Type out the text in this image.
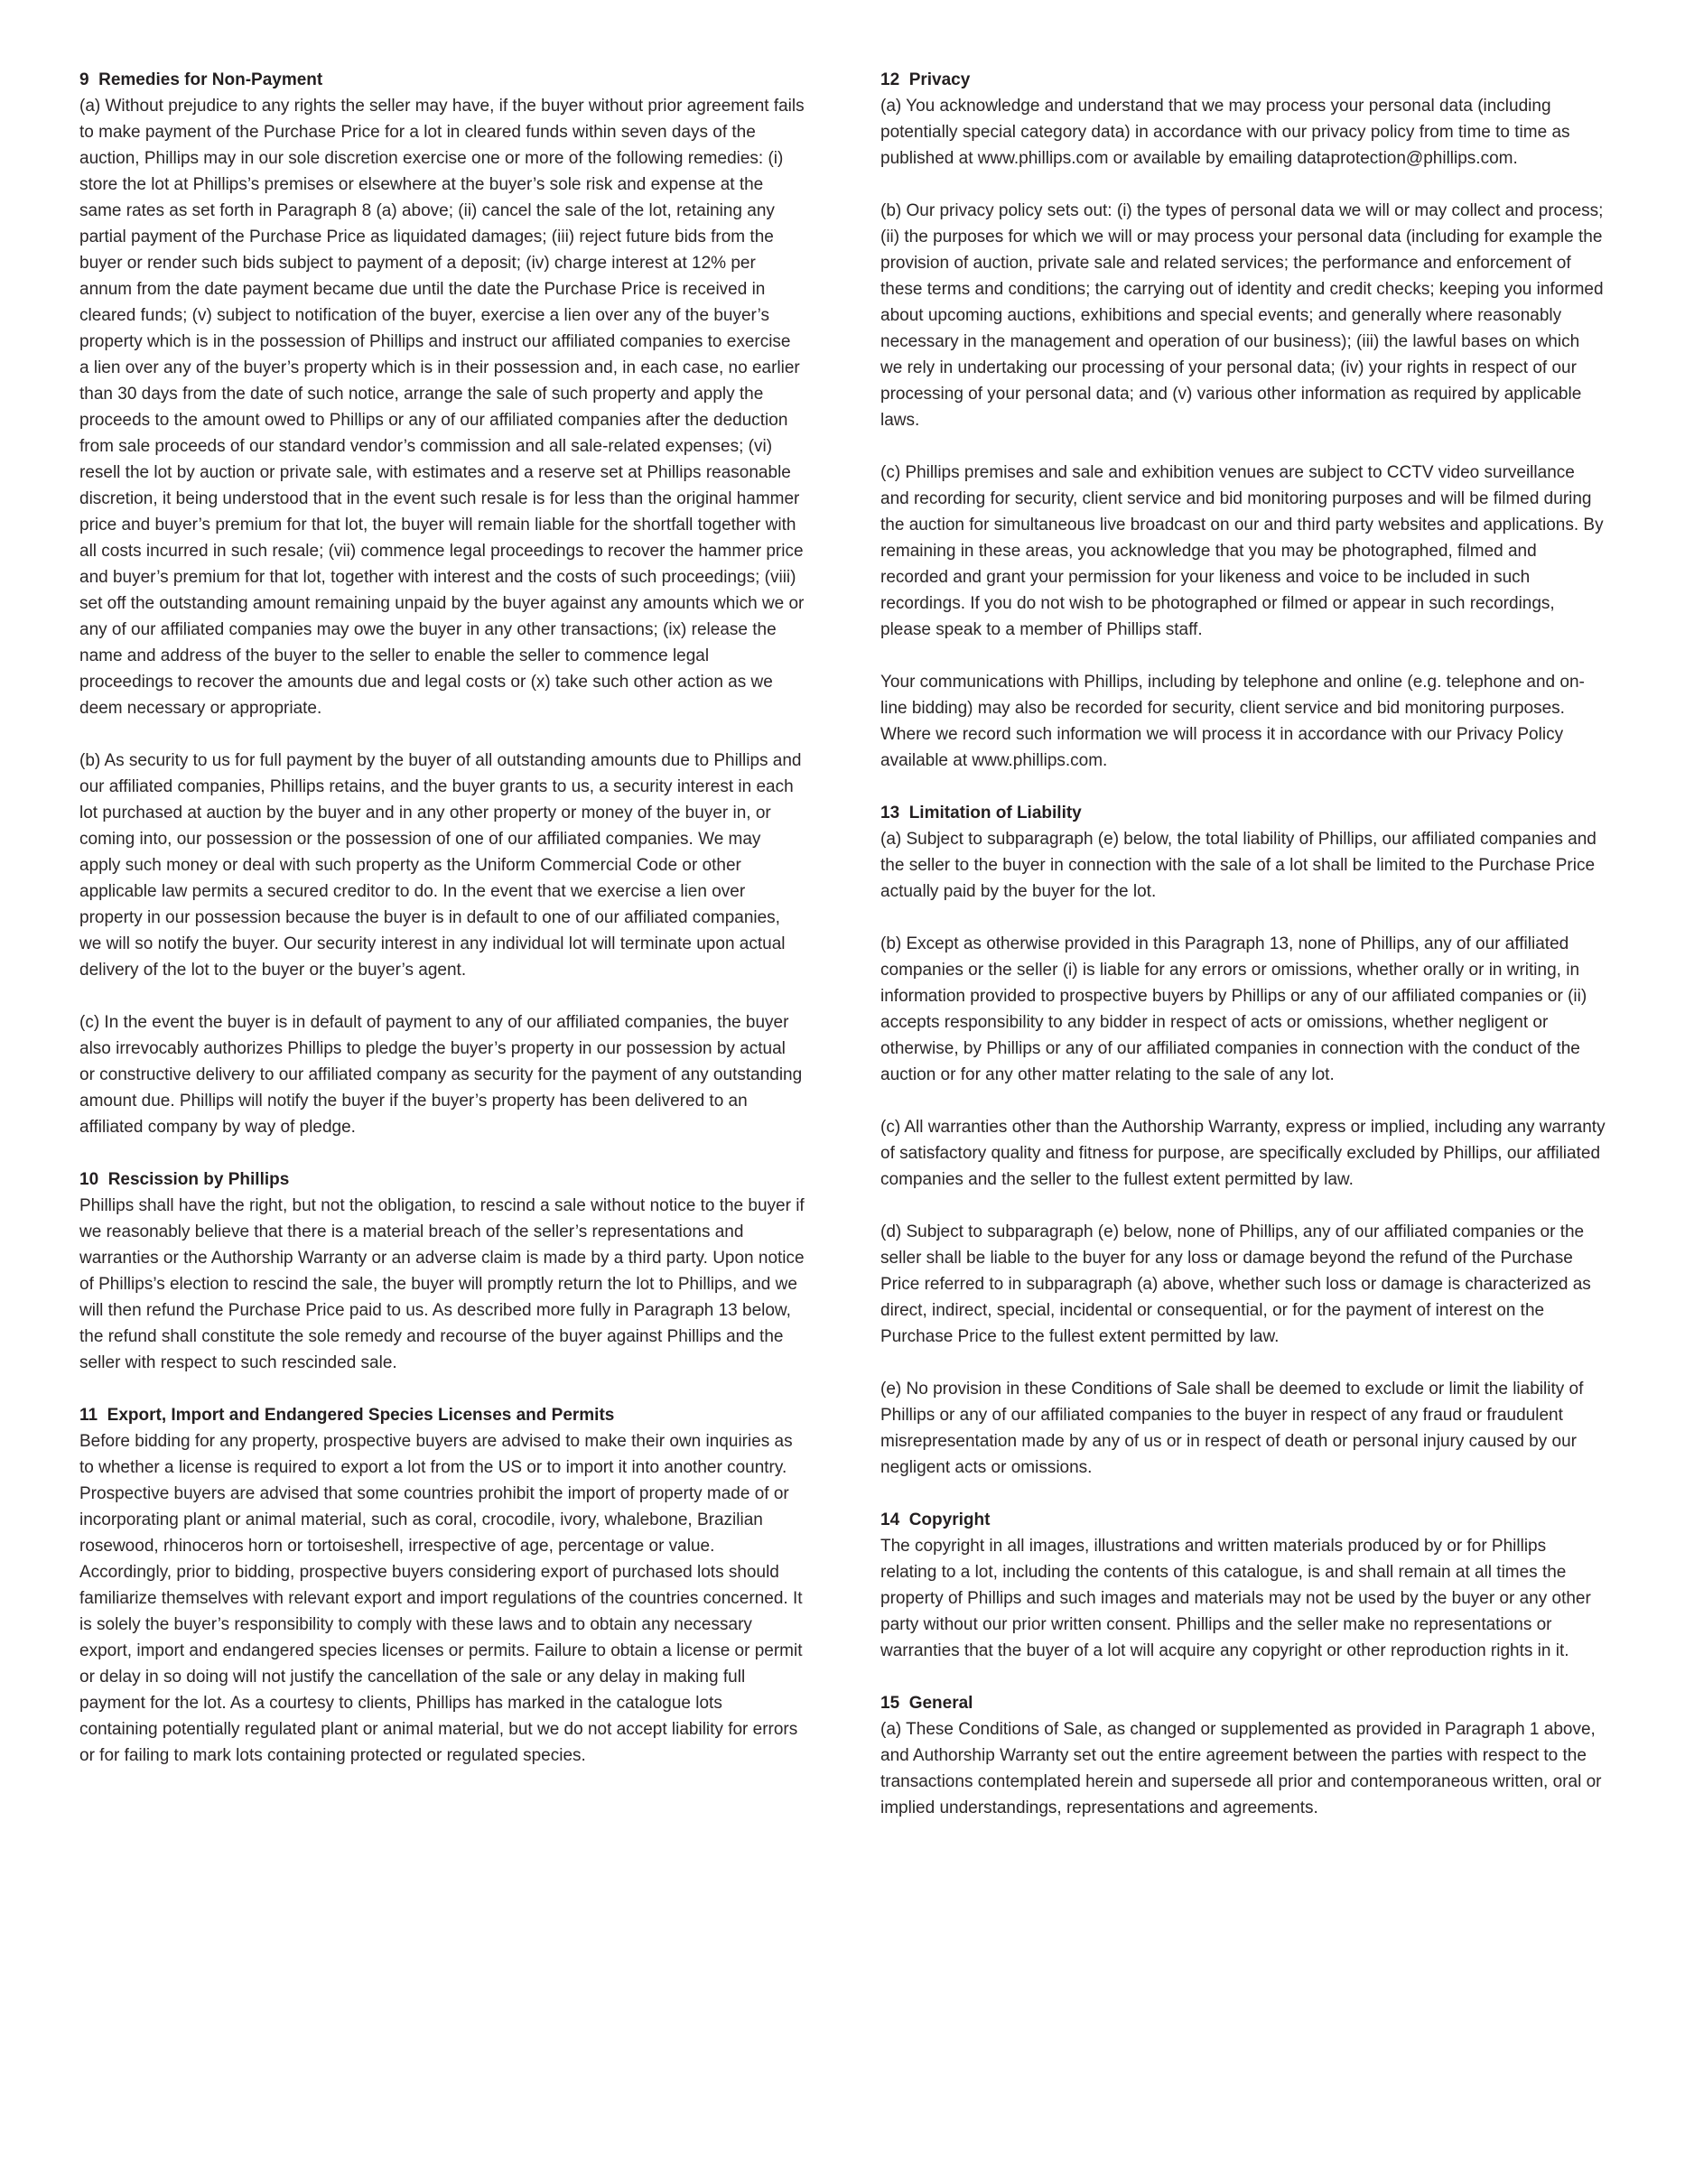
9  Remedies for Non-Payment

(a) Without prejudice to any rights the seller may have, if the buyer without prior agreement fails to make payment of the Purchase Price for a lot in cleared funds within seven days of the auction, Phillips may in our sole discretion exercise one or more of the following remedies: (i) store the lot at Phillips’s premises or elsewhere at the buyer’s sole risk and expense at the same rates as set forth in Paragraph 8 (a) above; (ii) cancel the sale of the lot, retaining any partial payment of the Purchase Price as liquidated damages; (iii) reject future bids from the buyer or render such bids subject to payment of a deposit; (iv) charge interest at 12% per annum from the date payment became due until the date the Purchase Price is received in cleared funds; (v) subject to notification of the buyer, exercise a lien over any of the buyer’s property which is in the possession of Phillips and instruct our affiliated companies to exercise a lien over any of the buyer’s property which is in their possession and, in each case, no earlier than 30 days from the date of such notice, arrange the sale of such property and apply the proceeds to the amount owed to Phillips or any of our affiliated companies after the deduction from sale proceeds of our standard vendor’s commission and all sale-related expenses; (vi) resell the lot by auction or private sale, with estimates and a reserve set at Phillips reasonable discretion, it being understood that in the event such resale is for less than the original hammer price and buyer’s premium for that lot, the buyer will remain liable for the shortfall together with all costs incurred in such resale; (vii) commence legal proceedings to recover the hammer price and buyer’s premium for that lot, together with interest and the costs of such proceedings; (viii) set off the outstanding amount remaining unpaid by the buyer against any amounts which we or any of our affiliated companies may owe the buyer in any other transactions; (ix) release the name and address of the buyer to the seller to enable the seller to commence legal proceedings to recover the amounts due and legal costs or (x) take such other action as we deem necessary or appropriate.

(b) As security to us for full payment by the buyer of all outstanding amounts due to Phillips and our affiliated companies, Phillips retains, and the buyer grants to us, a security interest in each lot purchased at auction by the buyer and in any other property or money of the buyer in, or coming into, our possession or the possession of one of our affiliated companies. We may apply such money or deal with such property as the Uniform Commercial Code or other applicable law permits a secured creditor to do. In the event that we exercise a lien over property in our possession because the buyer is in default to one of our affiliated companies, we will so notify the buyer. Our security interest in any individual lot will terminate upon actual delivery of the lot to the buyer or the buyer’s agent.

(c) In the event the buyer is in default of payment to any of our affiliated companies, the buyer also irrevocably authorizes Phillips to pledge the buyer’s property in our possession by actual or constructive delivery to our affiliated company as security for the payment of any outstanding amount due. Phillips will notify the buyer if the buyer’s property has been delivered to an affiliated company by way of pledge.

10  Rescission by Phillips

Phillips shall have the right, but not the obligation, to rescind a sale without notice to the buyer if we reasonably believe that there is a material breach of the seller’s representations and warranties or the Authorship Warranty or an adverse claim is made by a third party. Upon notice of Phillips’s election to rescind the sale, the buyer will promptly return the lot to Phillips, and we will then refund the Purchase Price paid to us. As described more fully in Paragraph 13 below, the refund shall constitute the sole remedy and recourse of the buyer against Phillips and the seller with respect to such rescinded sale.

11  Export, Import and Endangered Species Licenses and Permits

Before bidding for any property, prospective buyers are advised to make their own inquiries as to whether a license is required to export a lot from the US or to import it into another country. Prospective buyers are advised that some countries prohibit the import of property made of or incorporating plant or animal material, such as coral, crocodile, ivory, whalebone, Brazilian rosewood, rhinoceros horn or tortoiseshell, irrespective of age, percentage or value. Accordingly, prior to bidding, prospective buyers considering export of purchased lots should familiarize themselves with relevant export and import regulations of the countries concerned. It is solely the buyer’s responsibility to comply with these laws and to obtain any necessary export, import and endangered species licenses or permits. Failure to obtain a license or permit or delay in so doing will not justify the cancellation of the sale or any delay in making full payment for the lot. As a courtesy to clients, Phillips has marked in the catalogue lots containing potentially regulated plant or animal material, but we do not accept liability for errors or for failing to mark lots containing protected or regulated species.

12  Privacy

(a) You acknowledge and understand that we may process your personal data (including potentially special category data) in accordance with our privacy policy from time to time as published at www.phillips.com or available by emailing dataprotection@phillips.com.

(b) Our privacy policy sets out: (i) the types of personal data we will or may collect and process; (ii) the purposes for which we will or may process your personal data (including for example the provision of auction, private sale and related services; the performance and enforcement of these terms and conditions; the carrying out of identity and credit checks; keeping you informed about upcoming auctions, exhibitions and special events; and generally where reasonably necessary in the management and operation of our business); (iii) the lawful bases on which we rely in undertaking our processing of your personal data; (iv) your rights in respect of our processing of your personal data; and (v) various other information as required by applicable laws.

(c) Phillips premises and sale and exhibition venues are subject to CCTV video surveillance and recording for security, client service and bid monitoring purposes and will be filmed during the auction for simultaneous live broadcast on our and third party websites and applications. By remaining in these areas, you acknowledge that you may be photographed, filmed and recorded and grant your permission for your likeness and voice to be included in such recordings. If you do not wish to be photographed or filmed or appear in such recordings, please speak to a member of Phillips staff.

Your communications with Phillips, including by telephone and online (e.g. telephone and on-line bidding) may also be recorded for security, client service and bid monitoring purposes. Where we record such information we will process it in accordance with our Privacy Policy available at www.phillips.com.

13  Limitation of Liability

(a) Subject to subparagraph (e) below, the total liability of Phillips, our affiliated companies and the seller to the buyer in connection with the sale of a lot shall be limited to the Purchase Price actually paid by the buyer for the lot.

(b) Except as otherwise provided in this Paragraph 13, none of Phillips, any of our affiliated companies or the seller (i) is liable for any errors or omissions, whether orally or in writing, in information provided to prospective buyers by Phillips or any of our affiliated companies or (ii) accepts responsibility to any bidder in respect of acts or omissions, whether negligent or otherwise, by Phillips or any of our affiliated companies in connection with the conduct of the auction or for any other matter relating to the sale of any lot.

(c) All warranties other than the Authorship Warranty, express or implied, including any warranty of satisfactory quality and fitness for purpose, are specifically excluded by Phillips, our affiliated companies and the seller to the fullest extent permitted by law.

(d) Subject to subparagraph (e) below, none of Phillips, any of our affiliated companies or the seller shall be liable to the buyer for any loss or damage beyond the refund of the Purchase Price referred to in subparagraph (a) above, whether such loss or damage is characterized as direct, indirect, special, incidental or consequential, or for the payment of interest on the Purchase Price to the fullest extent permitted by law.

(e) No provision in these Conditions of Sale shall be deemed to exclude or limit the liability of Phillips or any of our affiliated companies to the buyer in respect of any fraud or fraudulent misrepresentation made by any of us or in respect of death or personal injury caused by our negligent acts or omissions.

14  Copyright

The copyright in all images, illustrations and written materials produced by or for Phillips relating to a lot, including the contents of this catalogue, is and shall remain at all times the property of Phillips and such images and materials may not be used by the buyer or any other party without our prior written consent. Phillips and the seller make no representations or warranties that the buyer of a lot will acquire any copyright or other reproduction rights in it.

15  General

(a) These Conditions of Sale, as changed or supplemented as provided in Paragraph 1 above, and Authorship Warranty set out the entire agreement between the parties with respect to the transactions contemplated herein and supersede all prior and contemporaneous written, oral or implied understandings, representations and agreements.
